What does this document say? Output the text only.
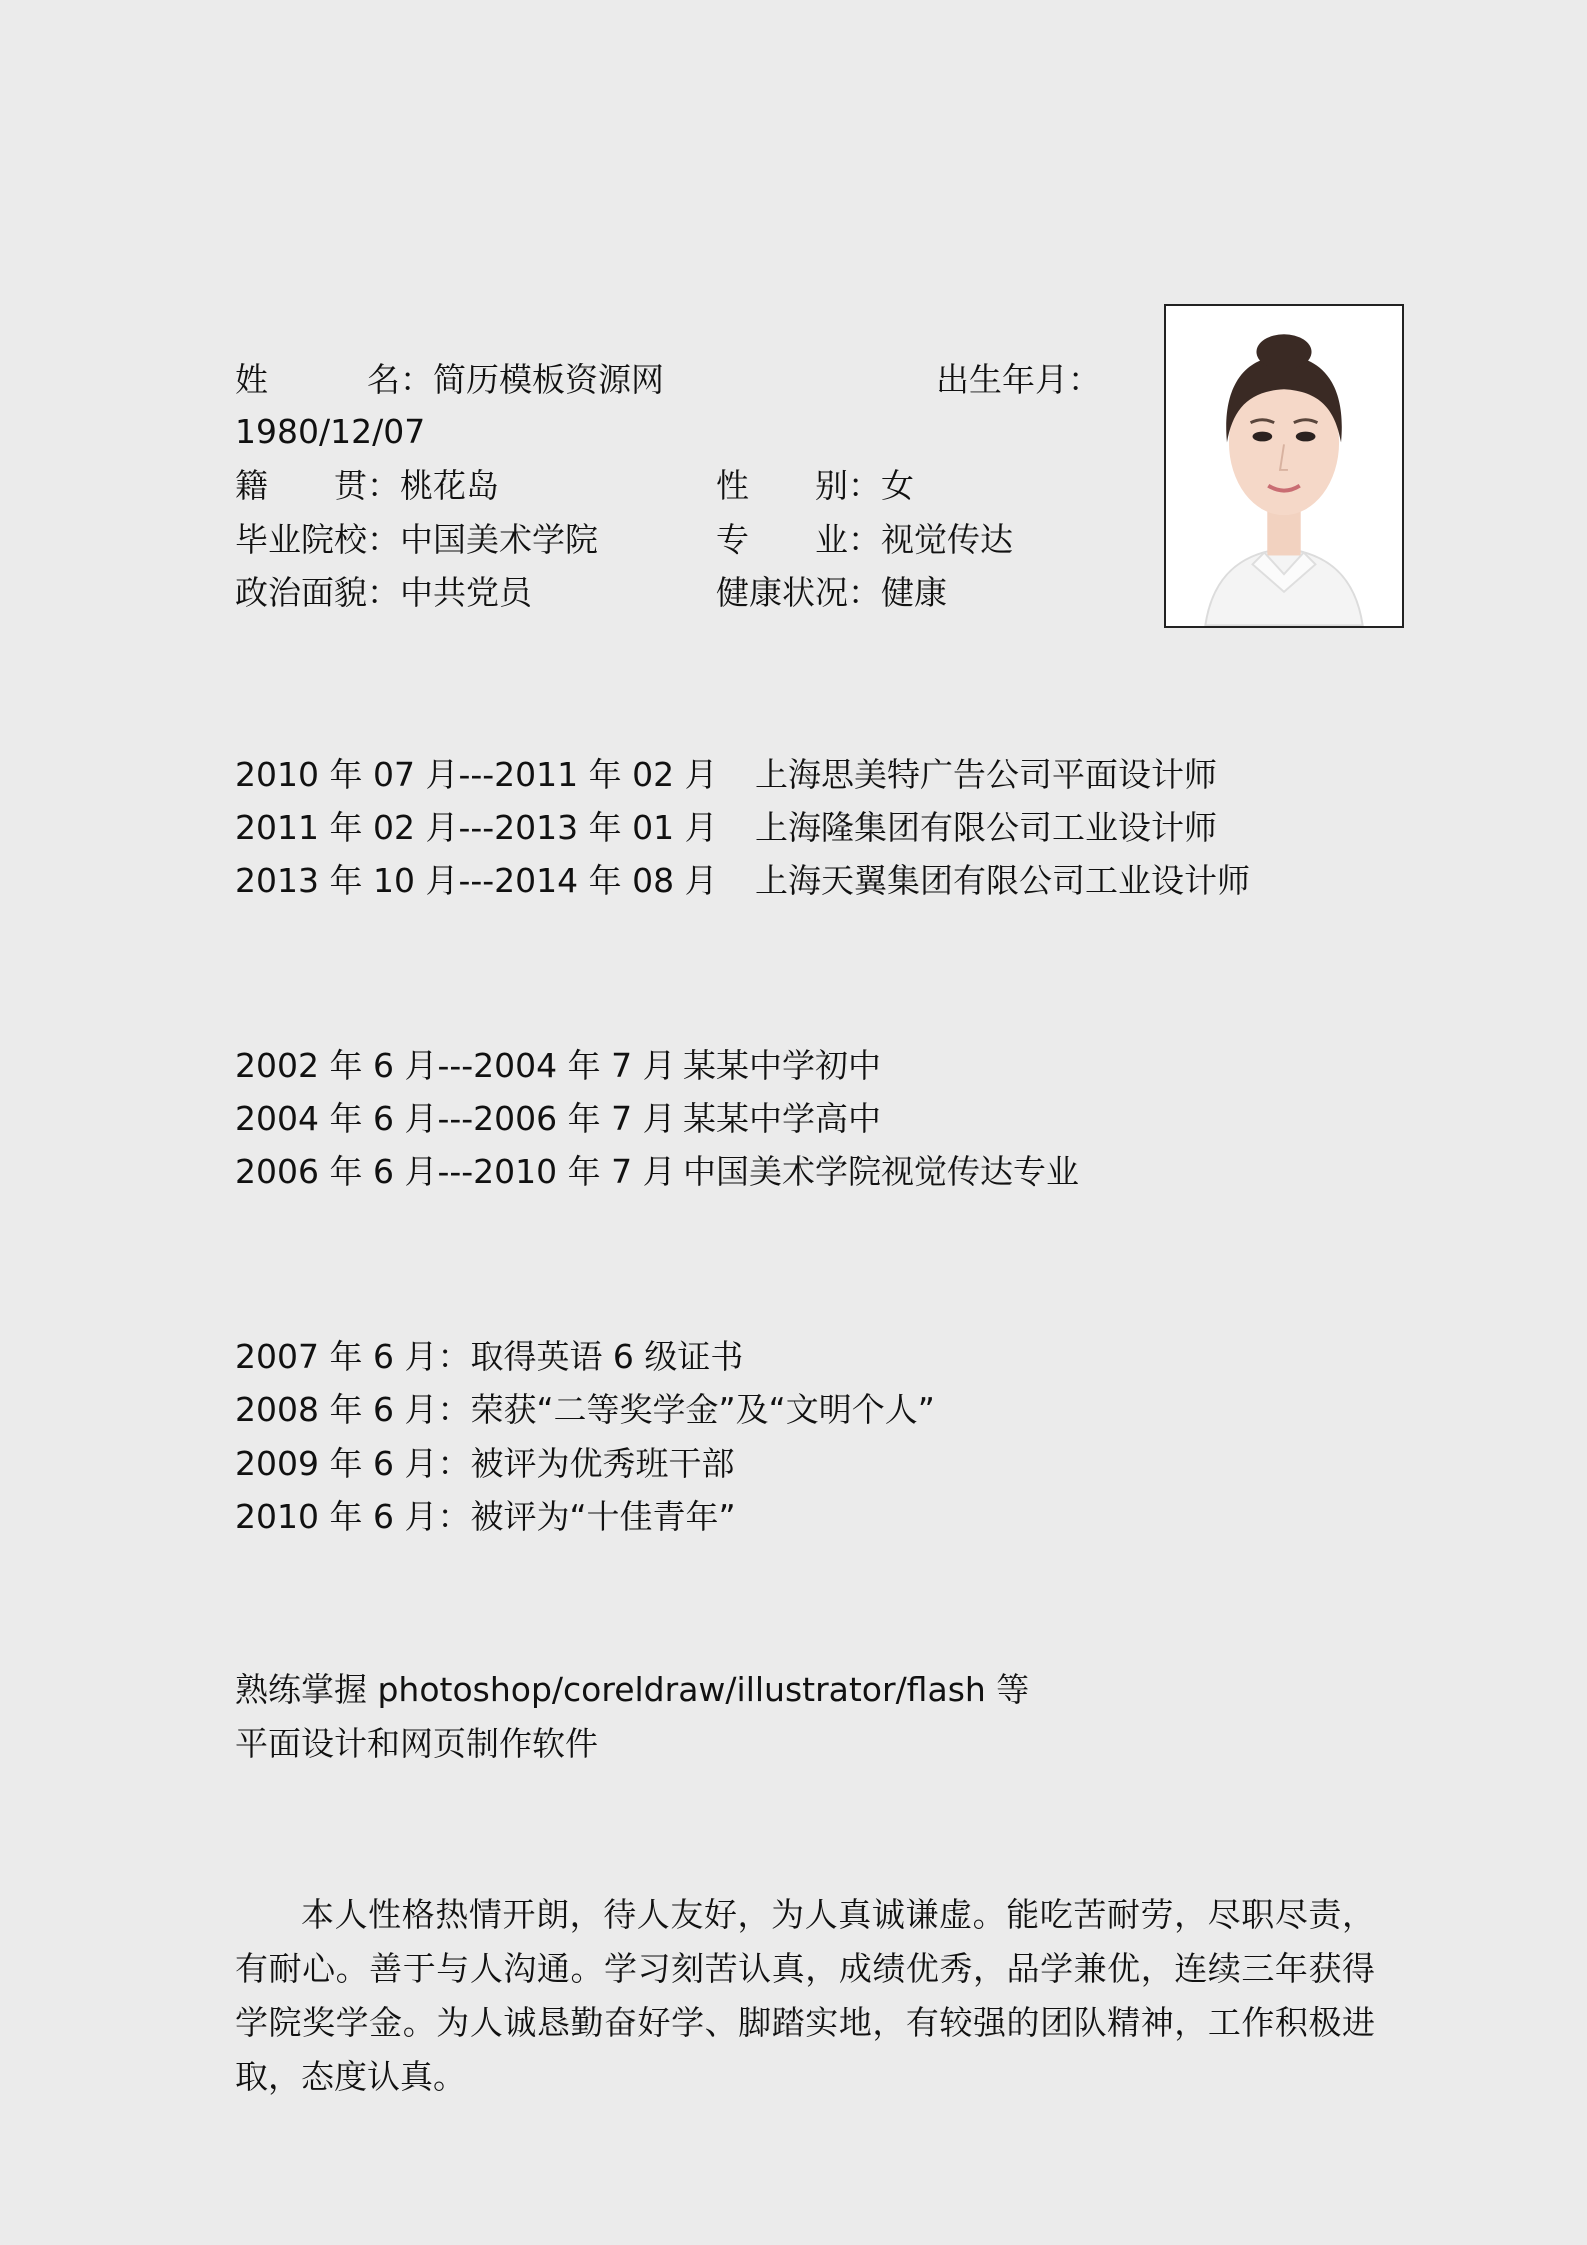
姓　　　名：简历模板资源网	出生年月：
1980/12/07
籍　　贯：桃花岛	性　　别：女
毕业院校：中国美术学院	专　　业：视觉传达
政治面貌：中共党员	健康状况：健康
2010 年 07 月---2011 年 02 月 上海思美特广告公司平面设计师
2011 年 02 月---2013 年 01 月 上海隆集团有限公司工业设计师
2013 年 10 月---2014 年 08 月 上海天翼集团有限公司工业设计师
2002 年 6 月---2004 年 7 月 某某中学初中
2004 年 6 月---2006 年 7 月 某某中学高中
2006 年 6 月---2010 年 7 月 中国美术学院视觉传达专业
2007 年 6 月：取得英语 6 级证书
2008 年 6 月：荣获“二等奖学金”及“文明个人”
2009 年 6 月：被评为优秀班干部
2010 年 6 月：被评为“十佳青年”
熟练掌握 photoshop/coreldraw/illustrator/flash 等
平面设计和网页制作软件
本人性格热情开朗，待人友好，为人真诚谦虚。能吃苦耐劳，尽职尽责，有耐心。善于与人沟通。学习刻苦认真，成绩优秀，品学兼优，连续三年获得学院奖学金。为人诚恳勤奋好学、脚踏实地，有较强的团队精神，工作积极进取，态度认真。
